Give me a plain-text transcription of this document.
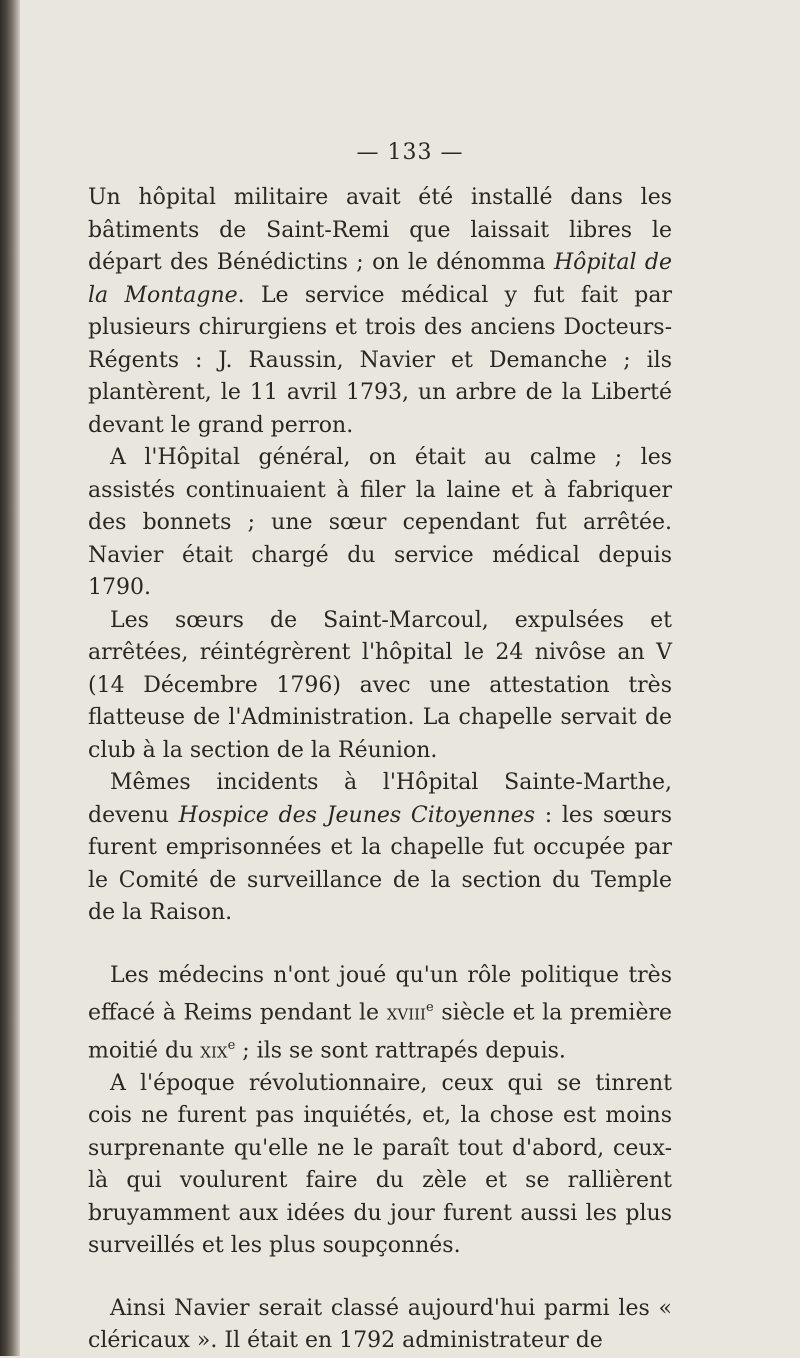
— 133 —

Un hôpital militaire avait été installé dans les bâtiments de Saint-Remi que laissait libres le départ des Bénédictins ; on le dénomma Hôpital de la Montagne. Le service médical y fut fait par plusieurs chirurgiens et trois des anciens Docteurs-Régents : J. Raussin, Navier et Demanche ; ils plantèrent, le 11 avril 1793, un arbre de la Liberté devant le grand perron.

A l'Hôpital général, on était au calme ; les assistés continuaient à filer la laine et à fabriquer des bonnets ; une sœur cependant fut arrêtée. Navier était chargé du service médical depuis 1790.

Les sœurs de Saint-Marcoul, expulsées et arrêtées, réintégrèrent l'hôpital le 24 nivôse an V (14 Décembre 1796) avec une attestation très flatteuse de l'Administration. La chapelle servait de club à la section de la Réunion.

Mêmes incidents à l'Hôpital Sainte-Marthe, devenu Hospice des Jeunes Citoyennes : les sœurs furent emprisonnées et la chapelle fut occupée par le Comité de surveillance de la section du Temple de la Raison.

Les médecins n'ont joué qu'un rôle politique très effacé à Reims pendant le xviii$^e$ siècle et la première moitié du xix$^e$ ; ils se sont rattrapés depuis.

A l'époque révolutionnaire, ceux qui se tinrent cois ne furent pas inquiétés, et, la chose est moins surprenante qu'elle ne le paraît tout d'abord, ceux-là qui voulurent faire du zèle et se rallièrent bruyamment aux idées du jour furent aussi les plus surveillés et les plus soupçonnés.

Ainsi Navier serait classé aujourd'hui parmi les « cléricaux ». Il était en 1792 administrateur de
